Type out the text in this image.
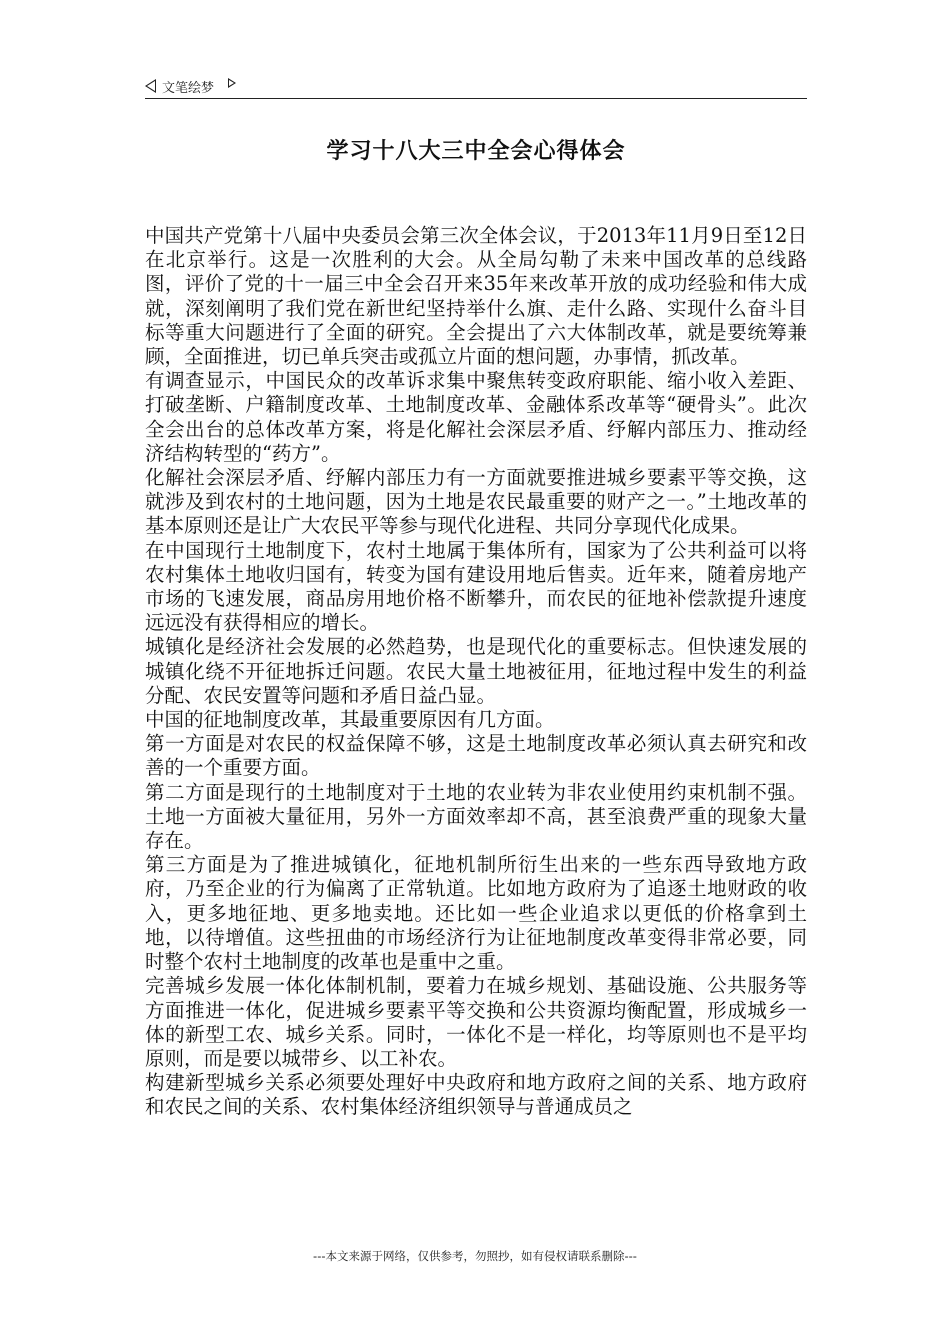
文笔绘梦
学习十八大三中全会心得体会

中国共产党第十八届中央委员会第三次全体会议，于2013年11月9日至12日在北京举行。这是一次胜利的大会。从全局勾勒了未来中国改革的总线路图，评价了党的十一届三中全会召开来35年来改革开放的成功经验和伟大成就，深刻阐明了我们党在新世纪坚持举什么旗、走什么路、实现什么奋斗目标等重大问题进行了全面的研究。全会提出了六大体制改革，就是要统筹兼顾，全面推进，切已单兵突击或孤立片面的想问题，办事情，抓改革。

有调查显示，中国民众的改革诉求集中聚焦转变政府职能、缩小收入差距、打破垄断、户籍制度改革、土地制度改革、金融体系改革等“硬骨头”。此次全会出台的总体改革方案，将是化解社会深层矛盾、纾解内部压力、推动经济结构转型的“药方”。

化解社会深层矛盾、纾解内部压力有一方面就要推进城乡要素平等交换，这就涉及到农村的土地问题，因为土地是农民最重要的财产之一。”土地改革的基本原则还是让广大农民平等参与现代化进程、共同分享现代化成果。

在中国现行土地制度下，农村土地属于集体所有，国家为了公共利益可以将农村集体土地收归国有，转变为国有建设用地后售卖。近年来，随着房地产市场的飞速发展，商品房用地价格不断攀升，而农民的征地补偿款提升速度远远没有获得相应的增长。

城镇化是经济社会发展的必然趋势，也是现代化的重要标志。但快速发展的城镇化绕不开征地拆迁问题。农民大量土地被征用，征地过程中发生的利益分配、农民安置等问题和矛盾日益凸显。

中国的征地制度改革，其最重要原因有几方面。

第一方面是对农民的权益保障不够，这是土地制度改革必须认真去研究和改善的一个重要方面。

第二方面是现行的土地制度对于土地的农业转为非农业使用约束机制不强。土地一方面被大量征用，另外一方面效率却不高，甚至浪费严重的现象大量存在。

第三方面是为了推进城镇化，征地机制所衍生出来的一些东西导致地方政府，乃至企业的行为偏离了正常轨道。比如地方政府为了追逐土地财政的收入，更多地征地、更多地卖地。还比如一些企业追求以更低的价格拿到土地，以待增值。这些扭曲的市场经济行为让征地制度改革变得非常必要，同时整个农村土地制度的改革也是重中之重。

完善城乡发展一体化体制机制，要着力在城乡规划、基础设施、公共服务等方面推进一体化，促进城乡要素平等交换和公共资源均衡配置，形成城乡一体的新型工农、城乡关系。同时，一体化不是一样化，均等原则也不是平均原则，而是要以城带乡、以工补农。

构建新型城乡关系必须要处理好中央政府和地方政府之间的关系、地方政府和农民之间的关系、农村集体经济组织领导与普通成员之

---本文来源于网络，仅供参考，勿照抄，如有侵权请联系删除---
